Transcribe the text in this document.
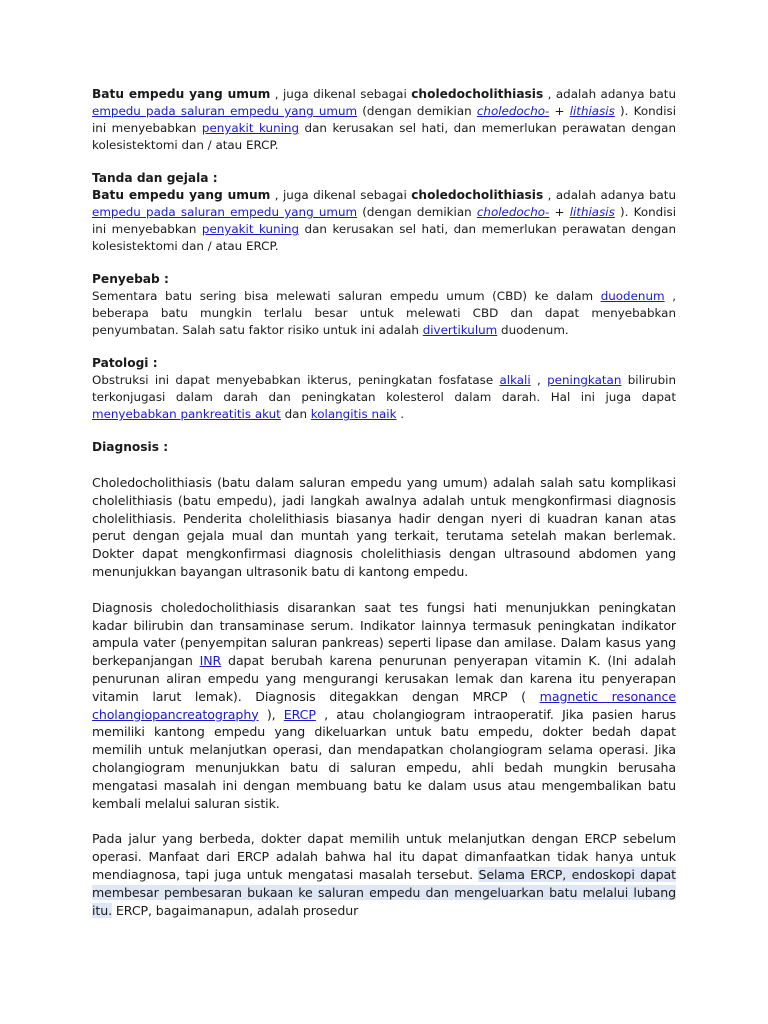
Batu empedu yang umum , juga dikenal sebagai choledocholithiasis , adalah adanya batu empedu pada saluran empedu yang umum (dengan demikian choledocho- + lithiasis ). Kondisi ini menyebabkan penyakit kuning dan kerusakan sel hati, dan memerlukan perawatan dengan kolesistektomi dan / atau ERCP.

Tanda dan gejala :

Batu empedu yang umum , juga dikenal sebagai choledocholithiasis , adalah adanya batu empedu pada saluran empedu yang umum (dengan demikian choledocho- + lithiasis ). Kondisi ini menyebabkan penyakit kuning dan kerusakan sel hati, dan memerlukan perawatan dengan kolesistektomi dan / atau ERCP.

Penyebab :

Sementara batu sering bisa melewati saluran empedu umum (CBD) ke dalam duodenum , beberapa batu mungkin terlalu besar untuk melewati CBD dan dapat menyebabkan penyumbatan. Salah satu faktor risiko untuk ini adalah divertikulum duodenum.

Patologi :

Obstruksi ini dapat menyebabkan ikterus, peningkatan fosfatase alkali , peningkatan bilirubin terkonjugasi dalam darah dan peningkatan kolesterol dalam darah. Hal ini juga dapat menyebabkan pankreatitis akut dan kolangitis naik .

Diagnosis :

Choledocholithiasis (batu dalam saluran empedu yang umum) adalah salah satu komplikasi cholelithiasis (batu empedu), jadi langkah awalnya adalah untuk mengkonfirmasi diagnosis cholelithiasis. Penderita cholelithiasis biasanya hadir dengan nyeri di kuadran kanan atas perut dengan gejala mual dan muntah yang terkait, terutama setelah makan berlemak. Dokter dapat mengkonfirmasi diagnosis cholelithiasis dengan ultrasound abdomen yang menunjukkan bayangan ultrasonik batu di kantong empedu.

Diagnosis choledocholithiasis disarankan saat tes fungsi hati menunjukkan peningkatan kadar bilirubin dan transaminase serum. Indikator lainnya termasuk peningkatan indikator ampula vater (penyempitan saluran pankreas) seperti lipase dan amilase. Dalam kasus yang berkepanjangan INR dapat berubah karena penurunan penyerapan vitamin K. (Ini adalah penurunan aliran empedu yang mengurangi kerusakan lemak dan karena itu penyerapan vitamin larut lemak). Diagnosis ditegakkan dengan MRCP ( magnetic resonance cholangiopancreatography ), ERCP , atau cholangiogram intraoperatif. Jika pasien harus memiliki kantong empedu yang dikeluarkan untuk batu empedu, dokter bedah dapat memilih untuk melanjutkan operasi, dan mendapatkan cholangiogram selama operasi. Jika cholangiogram menunjukkan batu di saluran empedu, ahli bedah mungkin berusaha mengatasi masalah ini dengan membuang batu ke dalam usus atau mengembalikan batu kembali melalui saluran sistik.

Pada jalur yang berbeda, dokter dapat memilih untuk melanjutkan dengan ERCP sebelum operasi. Manfaat dari ERCP adalah bahwa hal itu dapat dimanfaatkan tidak hanya untuk mendiagnosa, tapi juga untuk mengatasi masalah tersebut. Selama ERCP, endoskopi dapat membesar pembesaran bukaan ke saluran empedu dan mengeluarkan batu melalui lubang itu. ERCP, bagaimanapun, adalah prosedur
